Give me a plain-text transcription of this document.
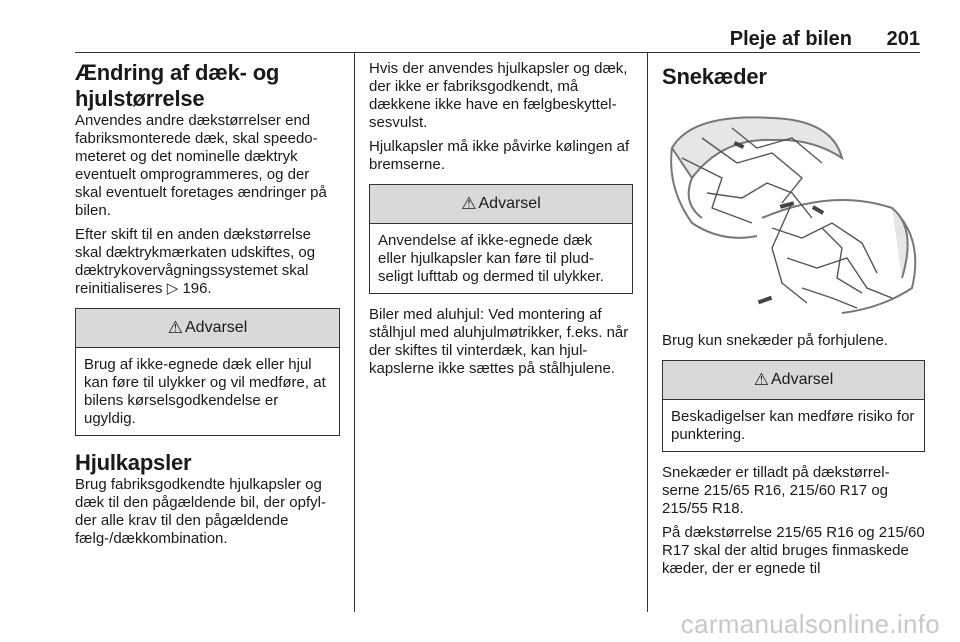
Pleje af bilen 201
Ændring af dæk- og hjulstørrelse

Anvendes andre dækstørrelser end fabriksmonterede dæk, skal speedo-meteret og det nominelle dæktryk eventuelt omprogrammeres, og der skal eventuelt foretages ændringer på bilen.

Efter skift til en anden dækstørrelse skal dæktrykmærkaten udskiftes, og dæktrykovervågningssystemet skal reinitialiseres ▷ 196.

⚠ Advarsel
Brug af ikke-egnede dæk eller hjul kan føre til ulykker og vil medføre, at bilens kørselsgodkendelse er ugyldig.
Hjulkapsler

Brug fabriksgodkendte hjulkapsler og dæk til den pågældende bil, der opfyl-der alle krav til den pågældende fælg-/dækkombination.

Hvis der anvendes hjulkapsler og dæk, der ikke er fabriksgodkendt, må dækkene ikke have en fælgbeskyttel-sesvulst.

Hjulkapsler må ikke påvirke kølingen af bremserne.

⚠ Advarsel
Anvendelse af ikke-egnede dæk eller hjulkapsler kan føre til plud-seligt lufttab og dermed til ulykker.

Biler med aluhjul: Ved montering af stålhjul med aluhjulmøtrikker, f.eks. når der skiftes til vinterdæk, kan hjul-kapslerne ikke sættes på stålhjulene.

Snekæder

Brug kun snekæder på forhjulene.

⚠ Advarsel
Beskadigelser kan medføre risiko for punktering.

Snekæder er tilladt på dækstørrel-serne 215/65 R16, 215/60 R17 og 215/55 R18.

På dækstørrelse 215/65 R16 og 215/60 R17 skal der altid bruges finmaskede kæder, der er egnede til

carmanualsonline.info
